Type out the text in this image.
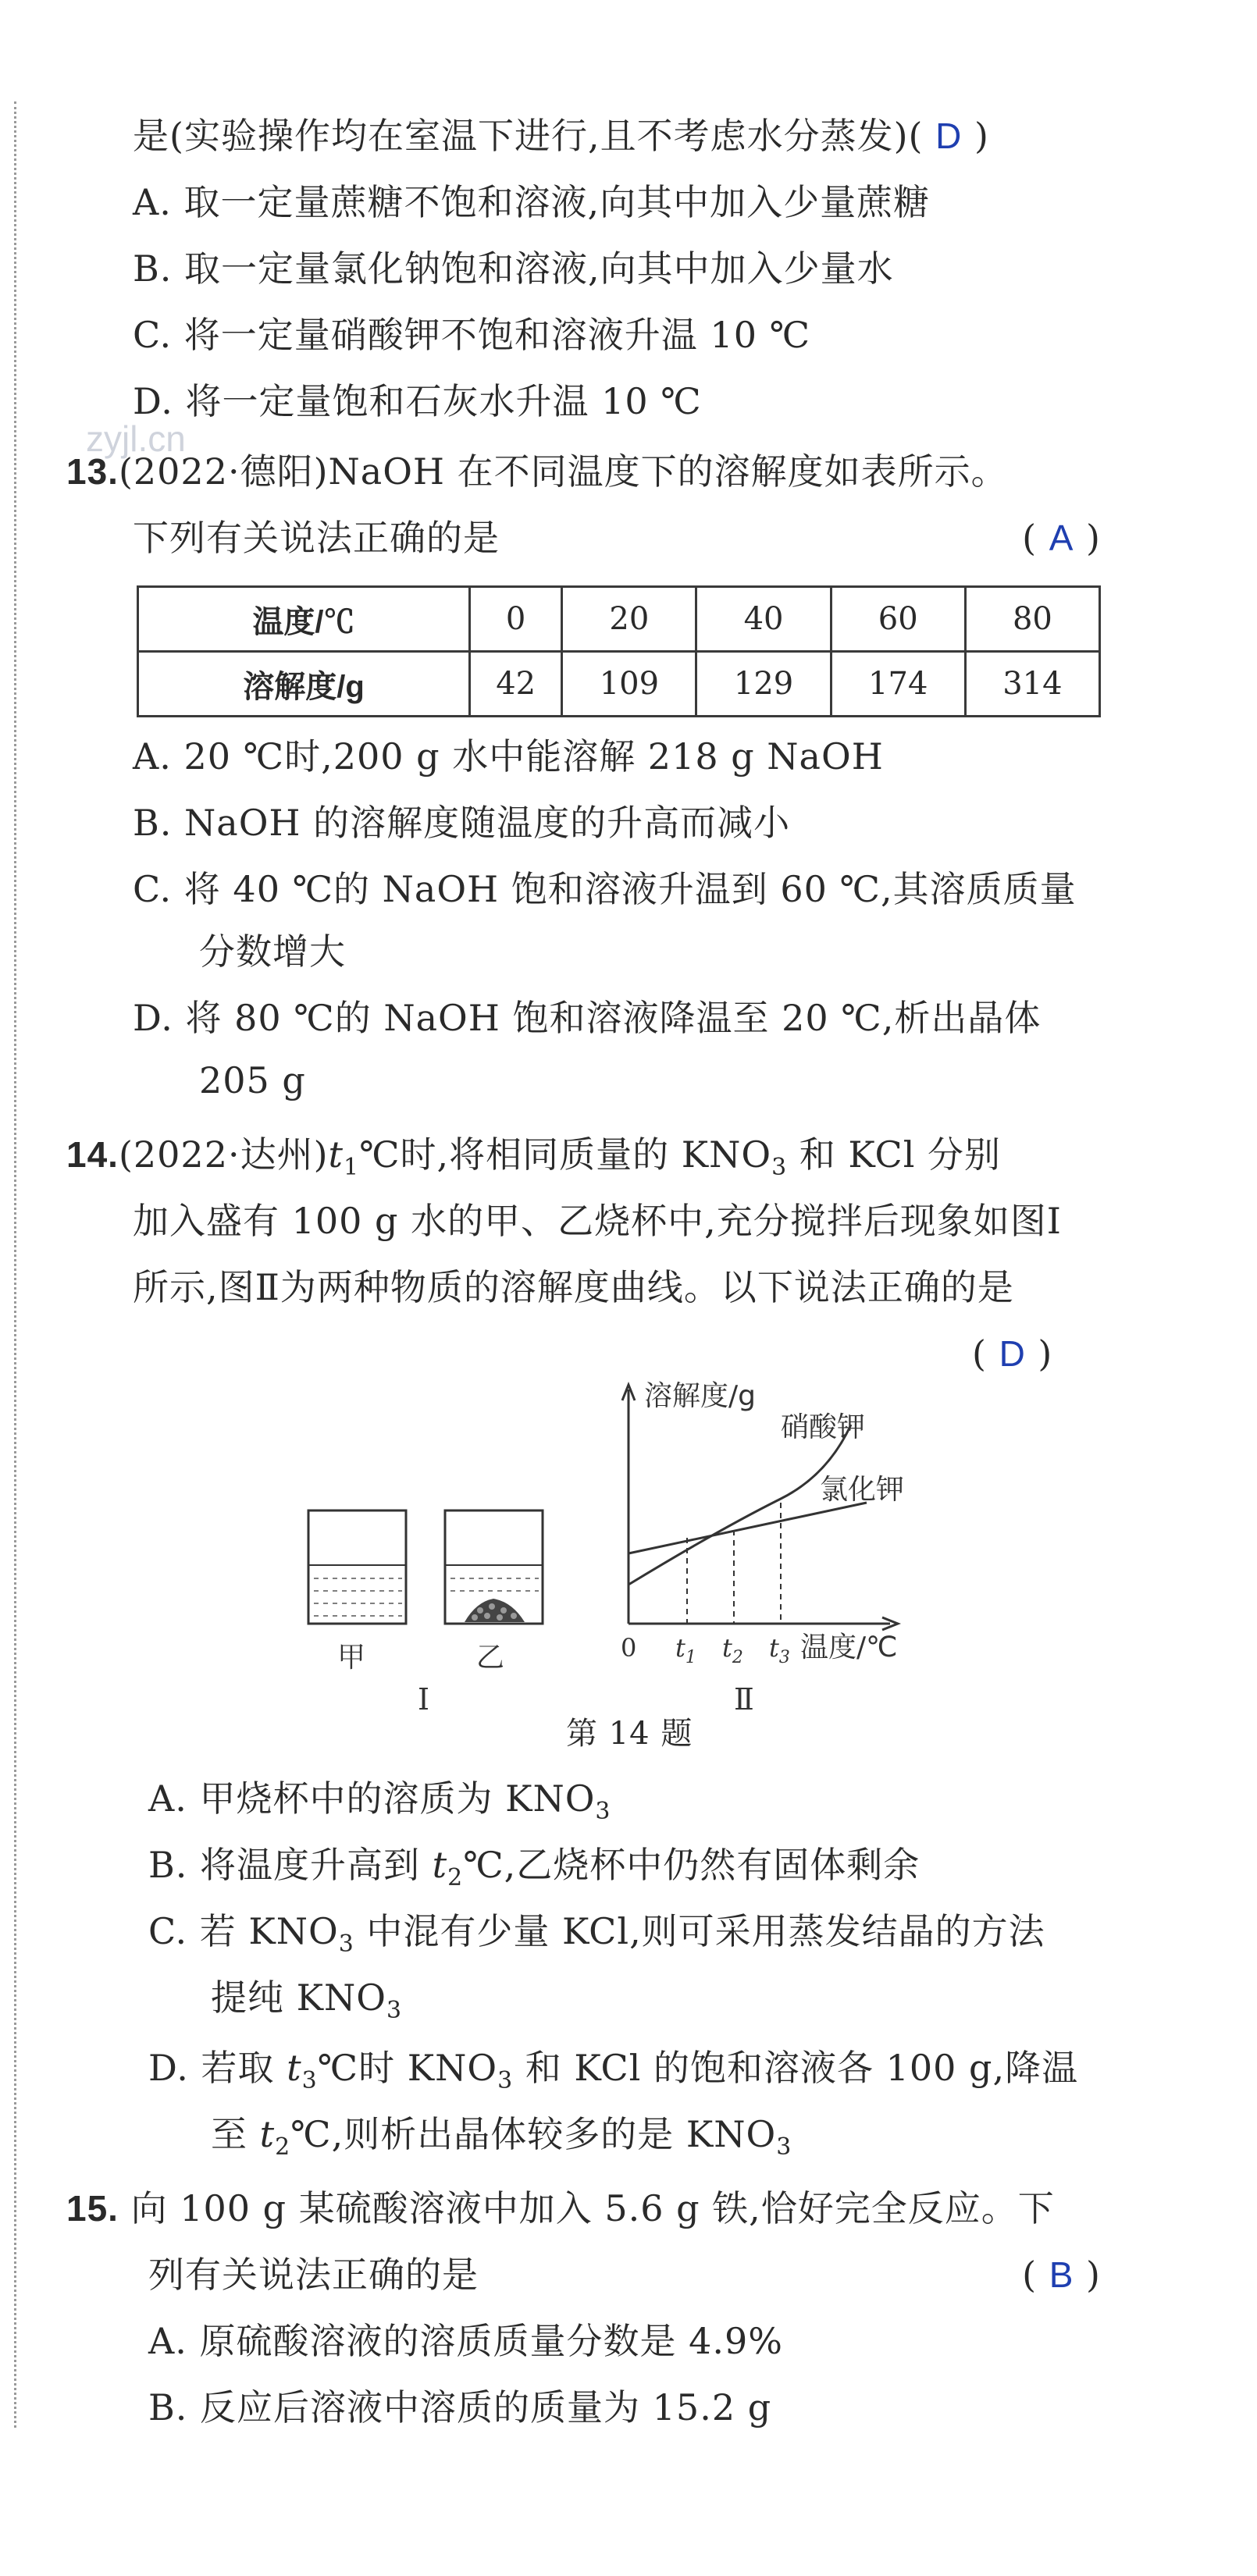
是(实验操作均在室温下进行,且不考虑水分蒸发)( D )
A. 取一定量蔗糖不饱和溶液,向其中加入少量蔗糖
B. 取一定量氯化钠饱和溶液,向其中加入少量水
C. 将一定量硝酸钾不饱和溶液升温 10 ℃
D. 将一定量饱和石灰水升温 10 ℃
zyjl.cn
13.(2022·德阳)NaOH 在不同温度下的溶解度如表所示。
下列有关说法正确的是	( A )
温度/℃	0	20	40	60	80
溶解度/g	42	109	129	174	314
A. 20 ℃时,200 g 水中能溶解 218 g NaOH
B. NaOH 的溶解度随温度的升高而减小
C. 将 40 ℃的 NaOH 饱和溶液升温到 60 ℃,其溶质质量
分数增大
D. 将 80 ℃的 NaOH 饱和溶液降温至 20 ℃,析出晶体
205 g
14.(2022·达州)$t_1℃$时,将相同质量的 $KNO_3$ 和 KCl 分别
加入盛有 100 g 水的甲、乙烧杯中,充分搅拌后现象如图Ⅰ
所示,图Ⅱ为两种物质的溶解度曲线。以下说法正确的是
( D )
甲	乙
Ⅰ
溶解度/g
硝酸钾
氯化钾
0 $t_1$ $t_2$ $t_3$ 温度/℃
Ⅱ
第 14 题
A. 甲烧杯中的溶质为 $KNO_3$
B. 将温度升高到 $t_2℃$,乙烧杯中仍然有固体剩余
C. 若 $KNO_3$ 中混有少量 KCl,则可采用蒸发结晶的方法
提纯 $KNO_3$
D. 若取 $t_3℃$时 $KNO_3$ 和 KCl 的饱和溶液各 100 g,降温
至 $t_2℃$,则析出晶体较多的是 $KNO_3$
15. 向 100 g 某硫酸溶液中加入 5.6 g 铁,恰好完全反应。下
列有关说法正确的是	( B )
A. 原硫酸溶液的溶质质量分数是 4.9%
B. 反应后溶液中溶质的质量为 15.2 g
